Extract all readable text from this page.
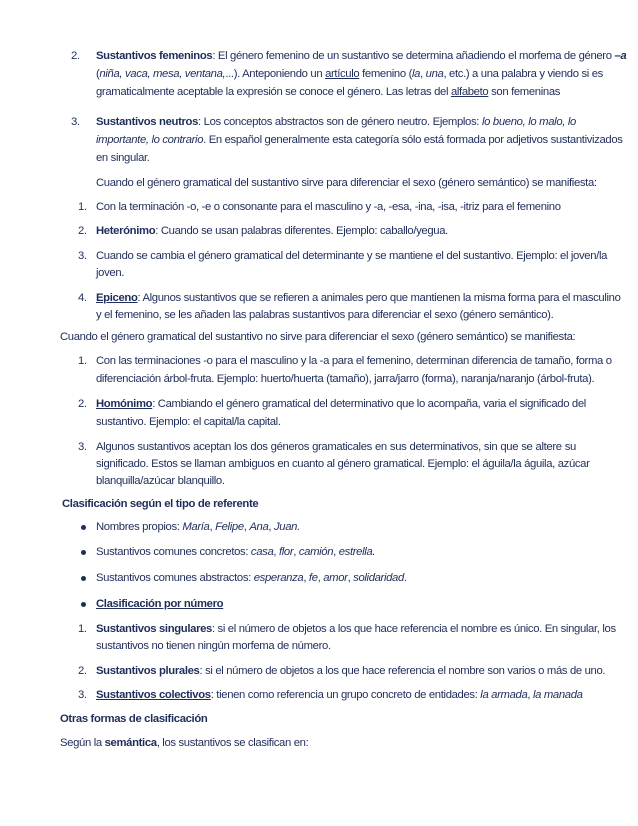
2. Sustantivos femeninos: El género femenino de un sustantivo se determina añadiendo el morfema de género –a
(niña, vaca, mesa, ventana,...). Anteponiendo un artículo femenino (la, una, etc.) a una palabra y viendo si es
gramaticalmente aceptable la expresión se conoce el género. Las letras del alfabeto son femeninas
3. Sustantivos neutros: Los conceptos abstractos son de género neutro. Ejemplos: lo bueno, lo malo, lo
importante, lo contrario. En español generalmente esta categoría sólo está formada por adjetivos sustantivizados
en singular.
Cuando el género gramatical del sustantivo sirve para diferenciar el sexo (género semántico) se manifiesta:
1. Con la terminación -o, -e o consonante para el masculino y -a, -esa, -ina, -isa, -itriz para el femenino
2. Heterónimo: Cuando se usan palabras diferentes. Ejemplo: caballo/yegua.
3. Cuando se cambia el género gramatical del determinante y se mantiene el del sustantivo. Ejemplo: el joven/la
joven.
4. Epiceno: Algunos sustantivos que se refieren a animales pero que mantienen la misma forma para el masculino
y el femenino, se les añaden las palabras sustantivos para diferenciar el sexo (género semántico).
Cuando el género gramatical del sustantivo no sirve para diferenciar el sexo (género semántico) se manifiesta:
1. Con las terminaciones -o para el masculino y la -a para el femenino, determinan diferencia de tamaño, forma o
diferenciación árbol-fruta. Ejemplo: huerto/huerta (tamaño), jarra/jarro (forma), naranja/naranjo (árbol-fruta).
2. Homónimo: Cambiando el género gramatical del determinativo que lo acompaña, varia el significado del
sustantivo. Ejemplo: el capital/la capital.
3. Algunos sustantivos aceptan los dos géneros gramaticales en sus determinativos, sin que se altere su
significado. Estos se llaman ambiguos en cuanto al género gramatical. Ejemplo: el águila/la águila, azúcar
blanquilla/azúcar blanquillo.
Clasificación según el tipo de referente
Nombres propios: María, Felipe, Ana, Juan.
Sustantivos comunes concretos: casa, flor, camión, estrella.
Sustantivos comunes abstractos: esperanza, fe, amor, solidaridad.
Clasificación por número
1. Sustantivos singulares: si el número de objetos a los que hace referencia el nombre es único. En singular, los
sustantivos no tienen ningún morfema de número.
2. Sustantivos plurales: si el número de objetos a los que hace referencia el nombre son varios o más de uno.
3. Sustantivos colectivos: tienen como referencia un grupo concreto de entidades: la armada, la manada
Otras formas de clasificación
Según la semántica, los sustantivos se clasifican en:
